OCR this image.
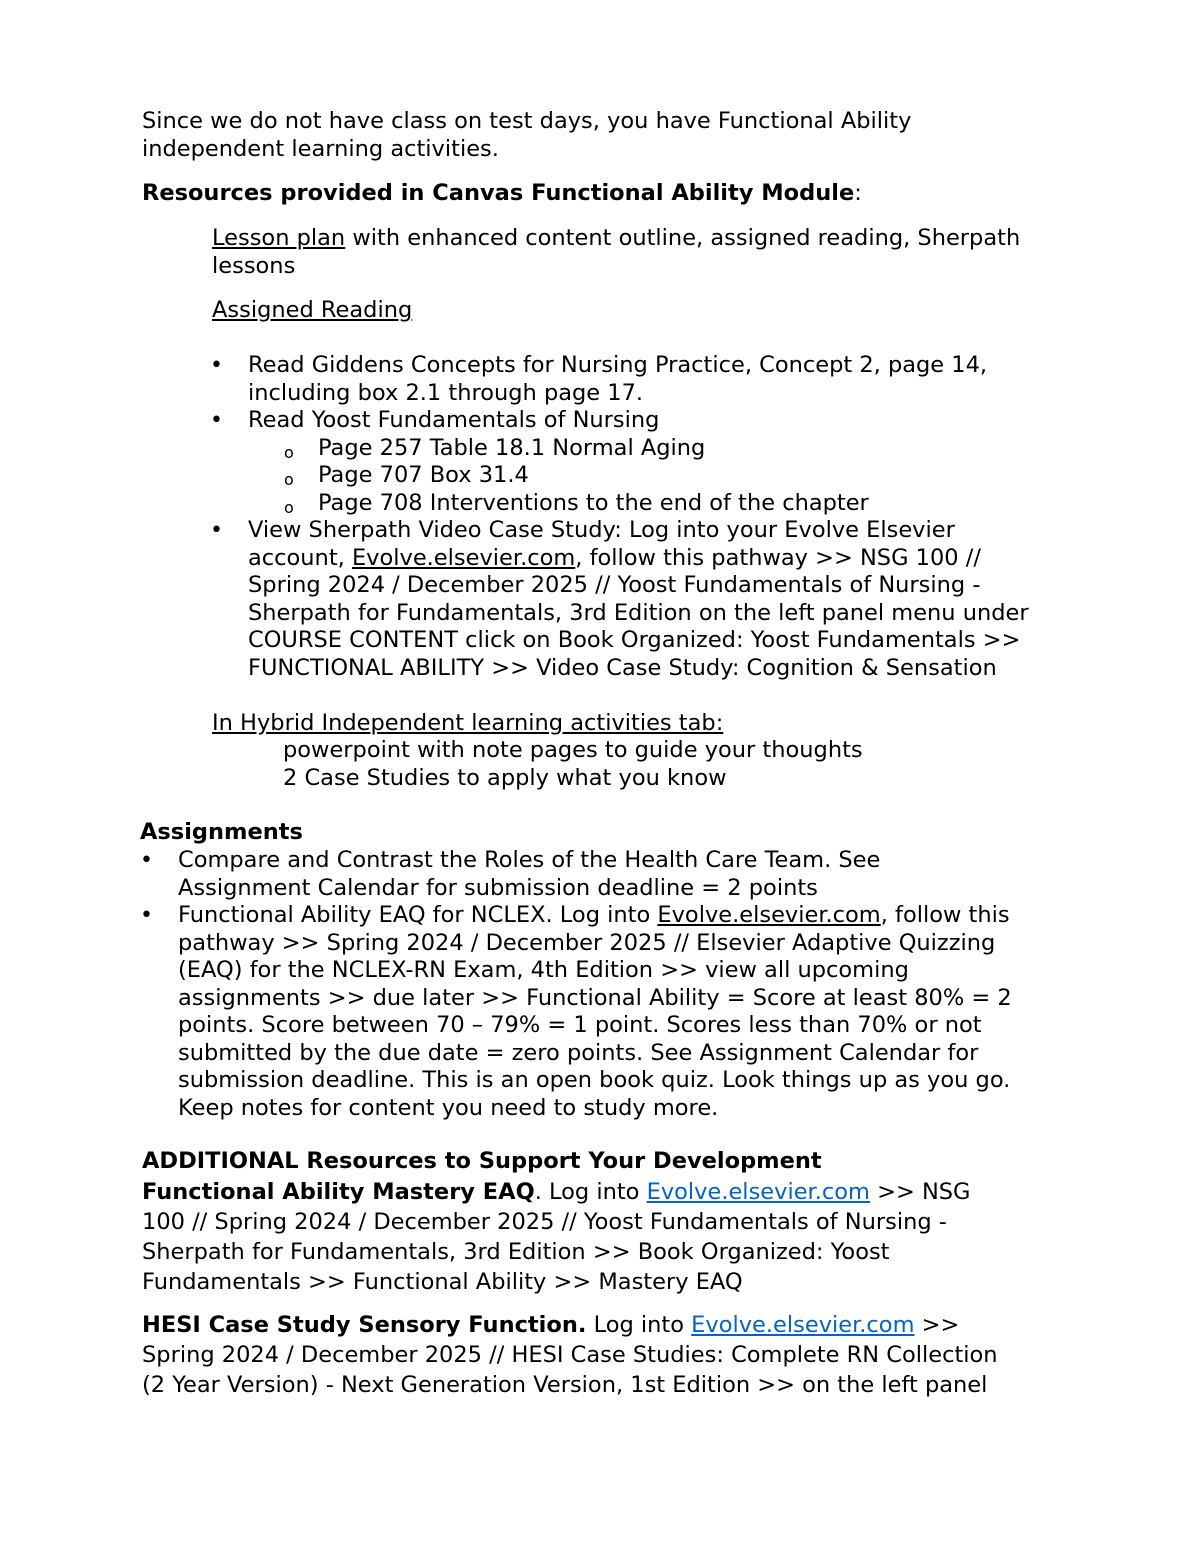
Since we do not have class on test days, you have Functional Ability
independent learning activities.

Resources provided in Canvas Functional Ability Module:

Lesson plan with enhanced content outline, assigned reading, Sherpath
lessons

Assigned Reading

• Read Giddens Concepts for Nursing Practice, Concept 2, page 14,
including box 2.1 through page 17.

• Read Yoost Fundamentals of Nursing

o Page 257 Table 18.1 Normal Aging

o Page 707 Box 31.4

o Page 708 Interventions to the end of the chapter

• View Sherpath Video Case Study: Log into your Evolve Elsevier
account, Evolve.elsevier.com, follow this pathway >> NSG 100 //
Spring 2024 / December 2025 // Yoost Fundamentals of Nursing -
Sherpath for Fundamentals, 3rd Edition on the left panel menu under
COURSE CONTENT click on Book Organized: Yoost Fundamentals >>
FUNCTIONAL ABILITY >> Video Case Study: Cognition & Sensation

In Hybrid Independent learning activities tab:

powerpoint with note pages to guide your thoughts
2 Case Studies to apply what you know

Assignments

• Compare and Contrast the Roles of the Health Care Team. See
Assignment Calendar for submission deadline = 2 points

• Functional Ability EAQ for NCLEX. Log into Evolve.elsevier.com, follow this
pathway >> Spring 2024 / December 2025 // Elsevier Adaptive Quizzing
(EAQ) for the NCLEX-RN Exam, 4th Edition >> view all upcoming
assignments >> due later >> Functional Ability = Score at least 80% = 2
points. Score between 70 – 79% = 1 point. Scores less than 70% or not
submitted by the due date = zero points. See Assignment Calendar for
submission deadline. This is an open book quiz. Look things up as you go.
Keep notes for content you need to study more.

ADDITIONAL Resources to Support Your Development

Functional Ability Mastery EAQ. Log into Evolve.elsevier.com >> NSG
100 // Spring 2024 / December 2025 // Yoost Fundamentals of Nursing -
Sherpath for Fundamentals, 3rd Edition >> Book Organized: Yoost
Fundamentals >> Functional Ability >> Mastery EAQ

HESI Case Study Sensory Function. Log into Evolve.elsevier.com >>
Spring 2024 / December 2025 // HESI Case Studies: Complete RN Collection
(2 Year Version) - Next Generation Version, 1st Edition >> on the left panel
